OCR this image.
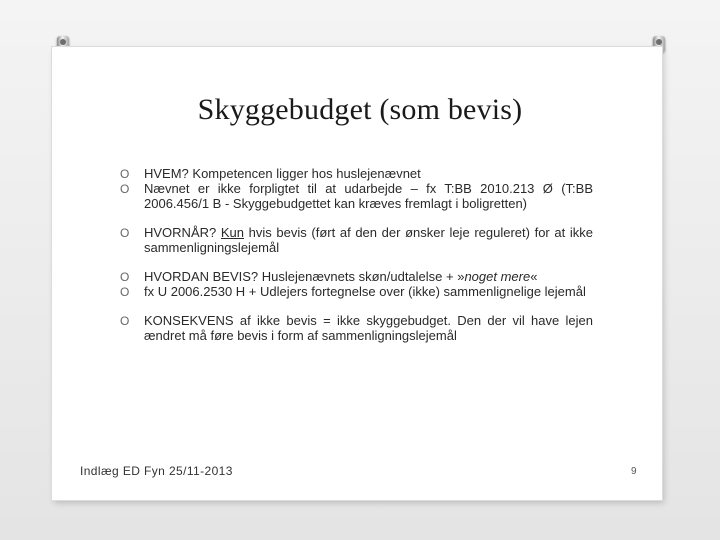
Skyggebudget (som bevis)
O HVEM? Kompetencen ligger hos huslejenævnet
O Nævnet er ikke forpligtet til at udarbejde – fx T:BB 2010.213 Ø (T:BB 2006.456/1 B - Skyggebudgettet kan kræves fremlagt i boligretten)
O HVORNÅR? Kun hvis bevis (ført af den der ønsker leje reguleret) for at ikke sammenligningslejemål
O HVORDAN BEVIS? Huslejenævnets skøn/udtalelse + »noget mere«
O fx U 2006.2530 H + Udlejers fortegnelse over (ikke) sammenlignelige lejemål
O KONSEKVENS af ikke bevis = ikke skyggebudget. Den der vil have lejen ændret må føre bevis i form af sammenligningslejemål
Indlæg ED Fyn 25/11-2013	9
